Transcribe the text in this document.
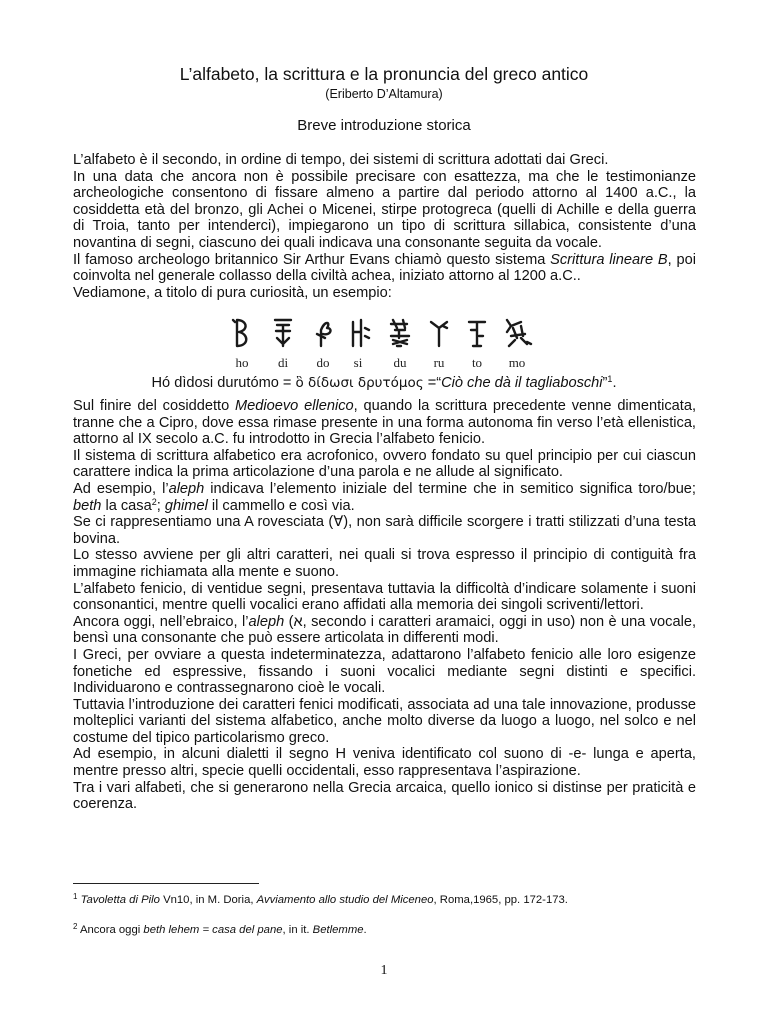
L’alfabeto, la scrittura e la pronuncia del greco antico
(Eriberto D’Altamura)
Breve introduzione storica

L’alfabeto è il secondo, in ordine di tempo, dei sistemi di scrittura adottati dai Greci.

In una data che ancora non è possibile precisare con esattezza, ma che le testimonianze archeologiche consentono di fissare almeno a partire dal periodo attorno al 1400 a.C., la cosiddetta età del bronzo, gli Achei o Micenei, stirpe protogreca (quelli di Achille e della guerra di Troia, tanto per intenderci), impiegarono un tipo di scrittura sillabica, consistente d’una novantina di segni, ciascuno dei quali indicava una consonante seguita da vocale.

Il famoso archeologo britannico Sir Arthur Evans chiamò questo sistema Scrittura lineare B, poi coinvolta nel generale collasso della civiltà achea, iniziato attorno al 1200 a.C..

Vediamone, a titolo di pura curiosità, un esempio:

ho di do si du ru to mo
Hó dìdosi durutómo = ὃ δίδωσι δρυτόμος =“Ciò che dà il tagliaboschi”$^1$.

Sul finire del cosiddetto Medioevo ellenico, quando la scrittura precedente venne dimenticata, tranne che a Cipro, dove essa rimase presente in una forma autonoma fin verso l’età ellenistica, attorno al IX secolo a.C. fu introdotto in Grecia l’alfabeto fenicio.

Il sistema di scrittura alfabetico era acrofonico, ovvero fondato su quel principio per cui ciascun carattere indica la prima articolazione d’una parola e ne allude al significato.

Ad esempio, l’aleph indicava l’elemento iniziale del termine che in semitico significa toro/bue; beth la casa$^2$; ghimel il cammello e così via.

Se ci rappresentiamo una A rovesciata (∀), non sarà difficile scorgere i tratti stilizzati d’una testa bovina.

Lo stesso avviene per gli altri caratteri, nei quali si trova espresso il principio di contiguità fra immagine richiamata alla mente e suono.

L’alfabeto fenicio, di ventidue segni, presentava tuttavia la difficoltà d’indicare solamente i suoni consonantici, mentre quelli vocalici erano affidati alla memoria dei singoli scriventi/lettori.

Ancora oggi, nell’ebraico, l’aleph (א, secondo i caratteri aramaici, oggi in uso) non è una vocale, bensì una consonante che può essere articolata in differenti modi.

I Greci, per ovviare a questa indeterminatezza, adattarono l’alfabeto fenicio alle loro esigenze fonetiche ed espressive, fissando i suoni vocalici mediante segni distinti e specifici. Individuarono e contrassegnarono cioè le vocali.

Tuttavia l’introduzione dei caratteri fenici modificati, associata ad una tale innovazione, produsse molteplici varianti del sistema alfabetico, anche molto diverse da luogo a luogo, nel solco e nel costume del tipico particolarismo greco.

Ad esempio, in alcuni dialetti il segno H veniva identificato col suono di -e- lunga e aperta, mentre presso altri, specie quelli occidentali, esso rappresentava l’aspirazione.

Tra i vari alfabeti, che si generarono nella Grecia arcaica, quello ionico si distinse per praticità e coerenza.

$^1$ Tavoletta di Pilo Vn10, in M. Doria, Avviamento allo studio del Miceneo, Roma,1965, pp. 172-173.
$^2$ Ancora oggi beth lehem = casa del pane, in it. Betlemme.
1
